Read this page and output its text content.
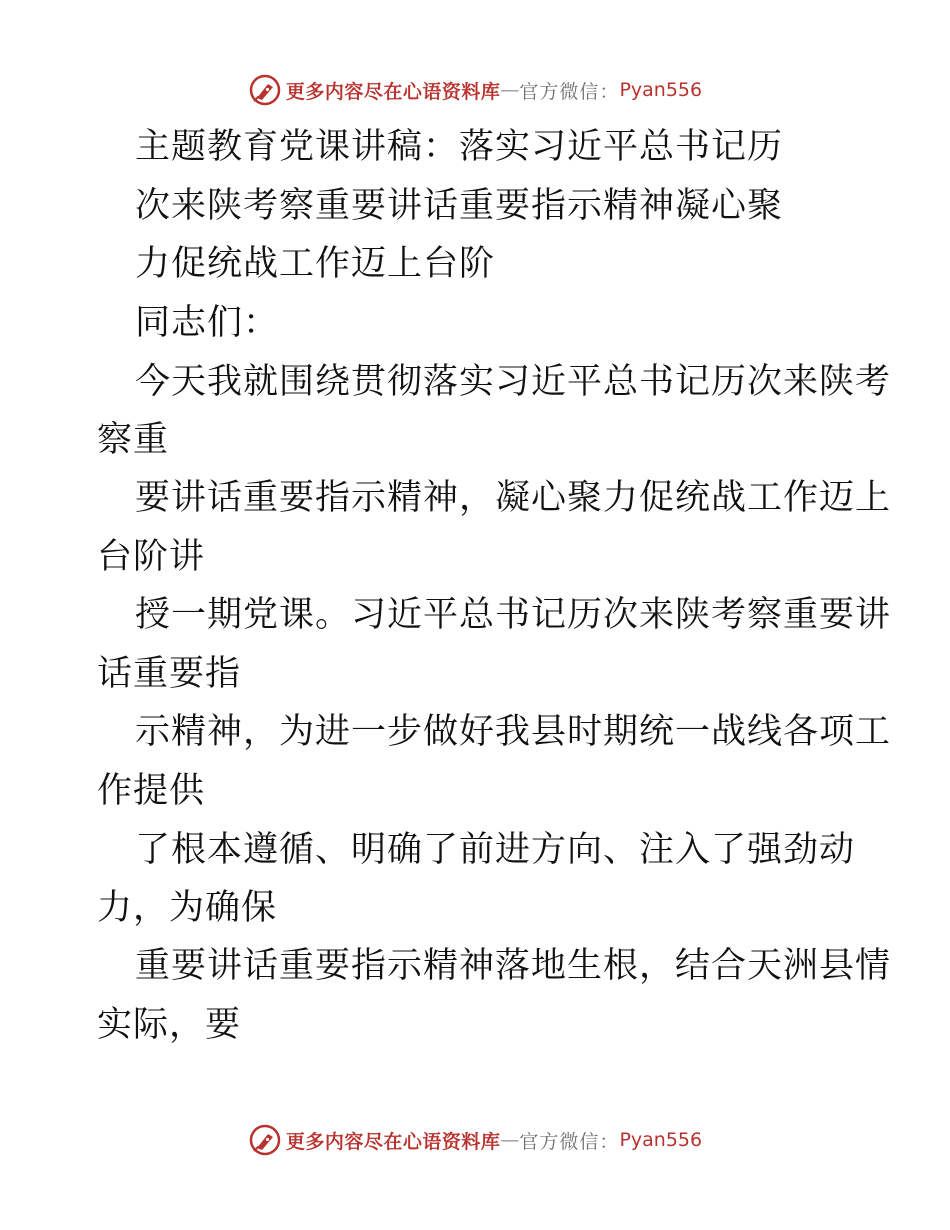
更多内容尽在心语资料库 — 官方微信： Pyan556
主题教育党课讲稿：落实习近平总书记历
次来陕考察重要讲话重要指示精神凝心聚
力促统战工作迈上台阶
同志们：
今天我就围绕贯彻落实习近平总书记历次来陕考
察重
要讲话重要指示精神，凝心聚力促统战工作迈上
台阶讲
授一期党课。习近平总书记历次来陕考察重要讲
话重要指
示精神，为进一步做好我县时期统一战线各项工
作提供
了根本遵循、明确了前进方向、注入了强劲动
力，为确保
重要讲话重要指示精神落地生根，结合天洲县情
实际，要
更多内容尽在心语资料库 — 官方微信： Pyan556
